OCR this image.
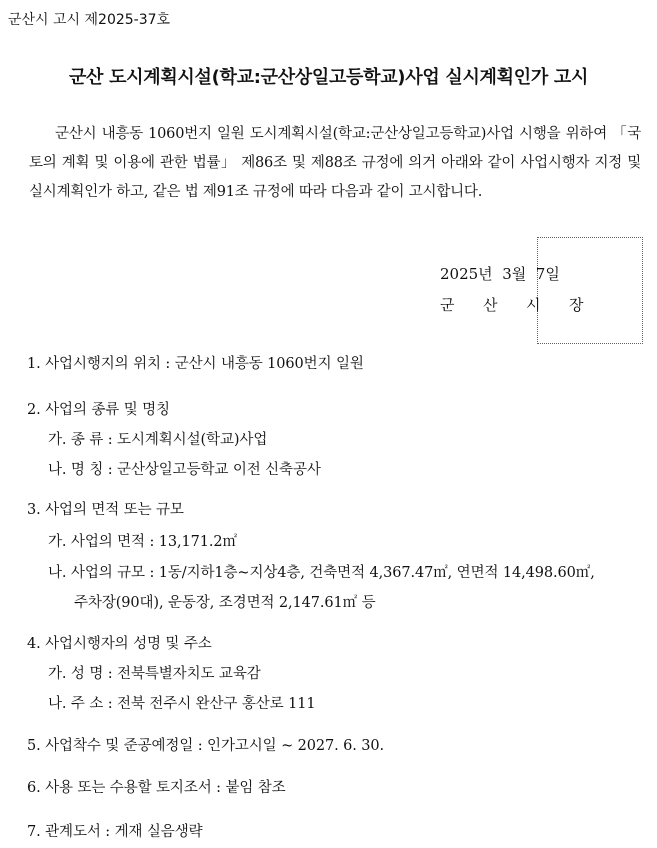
군산시 고시 제2025-37호
군산 도시계획시설(학교:군산상일고등학교)사업 실시계획인가 고시
군산시 내흥동 1060번지 일원 도시계획시설(학교:군산상일고등학교)사업 시행을 위하여 「국토의 계획 및 이용에 관한 법률」 제86조 및 제88조 규정에 의거 아래와 같이 사업시행자 지정 및 실시계획인가 하고, 같은 법 제91조 규정에 따라 다음과 같이 고시합니다.
2025년  3월  7일
군 산 시 장
1. 사업시행지의 위치 : 군산시 내흥동 1060번지 일원
2. 사업의 종류 및 명칭
가. 종 류 : 도시계획시설(학교)사업
나. 명 칭 : 군산상일고등학교 이전 신축공사
3. 사업의 면적 또는 규모
가. 사업의 면적 : 13,171.2㎡
나. 사업의 규모 : 1동/지하1층~지상4층, 건축면적 4,367.47㎡, 연면적 14,498.60㎡,
주차장(90대), 운동장, 조경면적 2,147.61㎡ 등
4. 사업시행자의 성명 및 주소
가. 성 명 : 전북특별자치도 교육감
나. 주 소 : 전북 전주시 완산구 홍산로 111
5. 사업착수 및 준공예정일 : 인가고시일 ~ 2027. 6. 30.
6. 사용 또는 수용할 토지조서 : 붙임 참조
7. 관계도서 : 게재 실음생략
